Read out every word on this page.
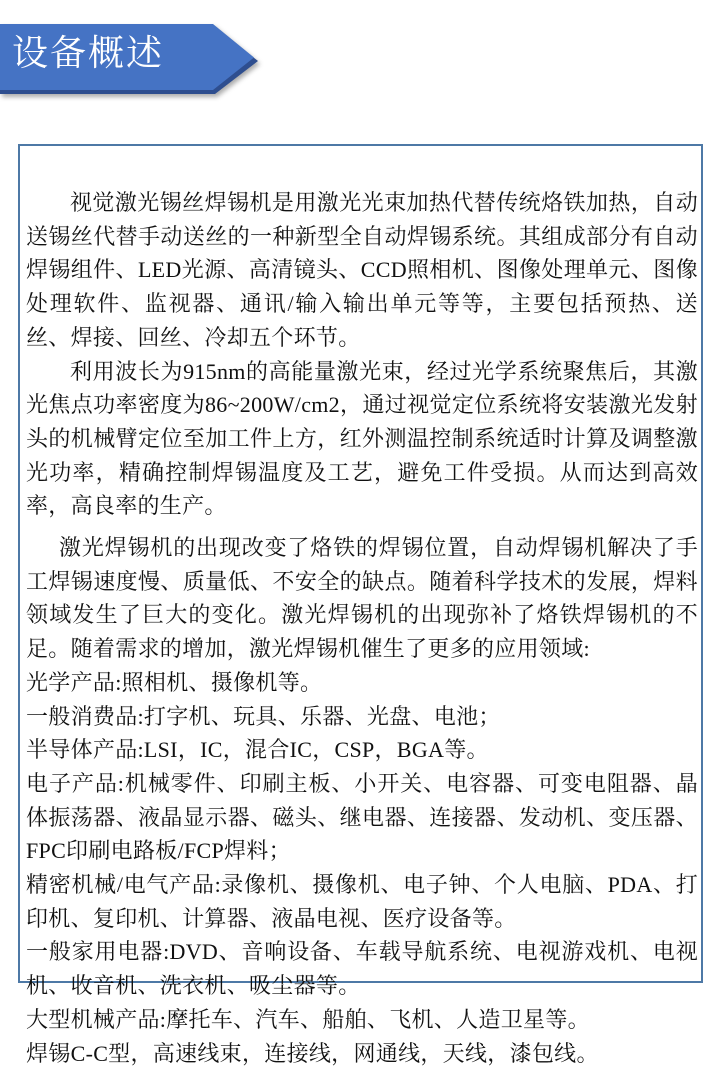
设备概述

视觉激光锡丝焊锡机是用激光光束加热代替传统烙铁加热，自动送锡丝代替手动送丝的一种新型全自动焊锡系统。其组成部分有自动焊锡组件、LED光源、高清镜头、CCD照相机、图像处理单元、图像处理软件、监视器、通讯/输入输出单元等等，主要包括预热、送丝、焊接、回丝、冷却五个环节。

利用波长为915nm的高能量激光束，经过光学系统聚焦后，其激光焦点功率密度为86~200W/cm2，通过视觉定位系统将安装激光发射头的机械臂定位至加工件上方，红外测温控制系统适时计算及调整激光功率，精确控制焊锡温度及工艺，避免工件受损。从而达到高效率，高良率的生产。

激光焊锡机的出现改变了烙铁的焊锡位置，自动焊锡机解决了手工焊锡速度慢、质量低、不安全的缺点。随着科学技术的发展，焊料领域发生了巨大的变化。激光焊锡机的出现弥补了烙铁焊锡机的不足。随着需求的增加，激光焊锡机催生了更多的应用领域:

光学产品:照相机、摄像机等。

一般消费品:打字机、玩具、乐器、光盘、电池；

半导体产品:LSI，IC，混合IC，CSP，BGA等。

电子产品:机械零件、印刷主板、小开关、电容器、可变电阻器、晶体振荡器、液晶显示器、磁头、继电器、连接器、发动机、变压器、FPC印刷电路板/FCP焊料；

精密机械/电气产品:录像机、摄像机、电子钟、个人电脑、PDA、打印机、复印机、计算器、液晶电视、医疗设备等。

一般家用电器:DVD、音响设备、车载导航系统、电视游戏机、电视机、收音机、洗衣机、吸尘器等。

大型机械产品:摩托车、汽车、船舶、飞机、人造卫星等。

焊锡C-C型，高速线束，连接线，网通线，天线，漆包线。
